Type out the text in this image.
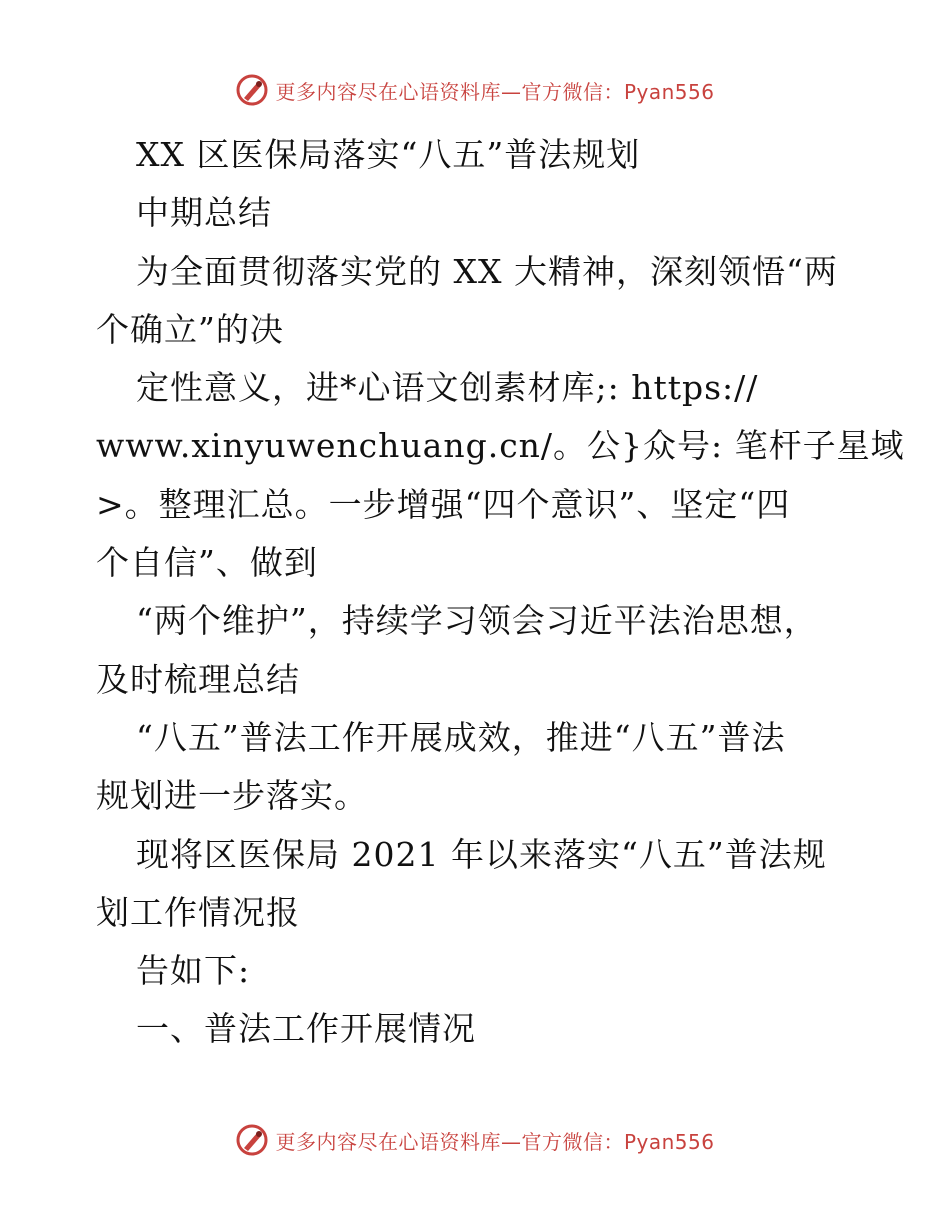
更多内容尽在心语资料库—官方微信：Pyan556
XX 区医保局落实“八五”普法规划
中期总结
为全面贯彻落实党的 XX 大精神，深刻领悟“两
个确立”的决
定性意义，进*心语文创素材库;: https://
www.xinyuwenchuang.cn/。公}众号: 笔杆子星域
>。整理汇总。一步增强“四个意识”、坚定“四
个自信”、做到
“两个维护”，持续学习领会习近平法治思想，
及时梳理总结
“八五”普法工作开展成效，推进“八五”普法
规划进一步落实。
现将区医保局 2021 年以来落实“八五”普法规
划工作情况报
告如下:
一、普法工作开展情况
更多内容尽在心语资料库—官方微信：Pyan556
